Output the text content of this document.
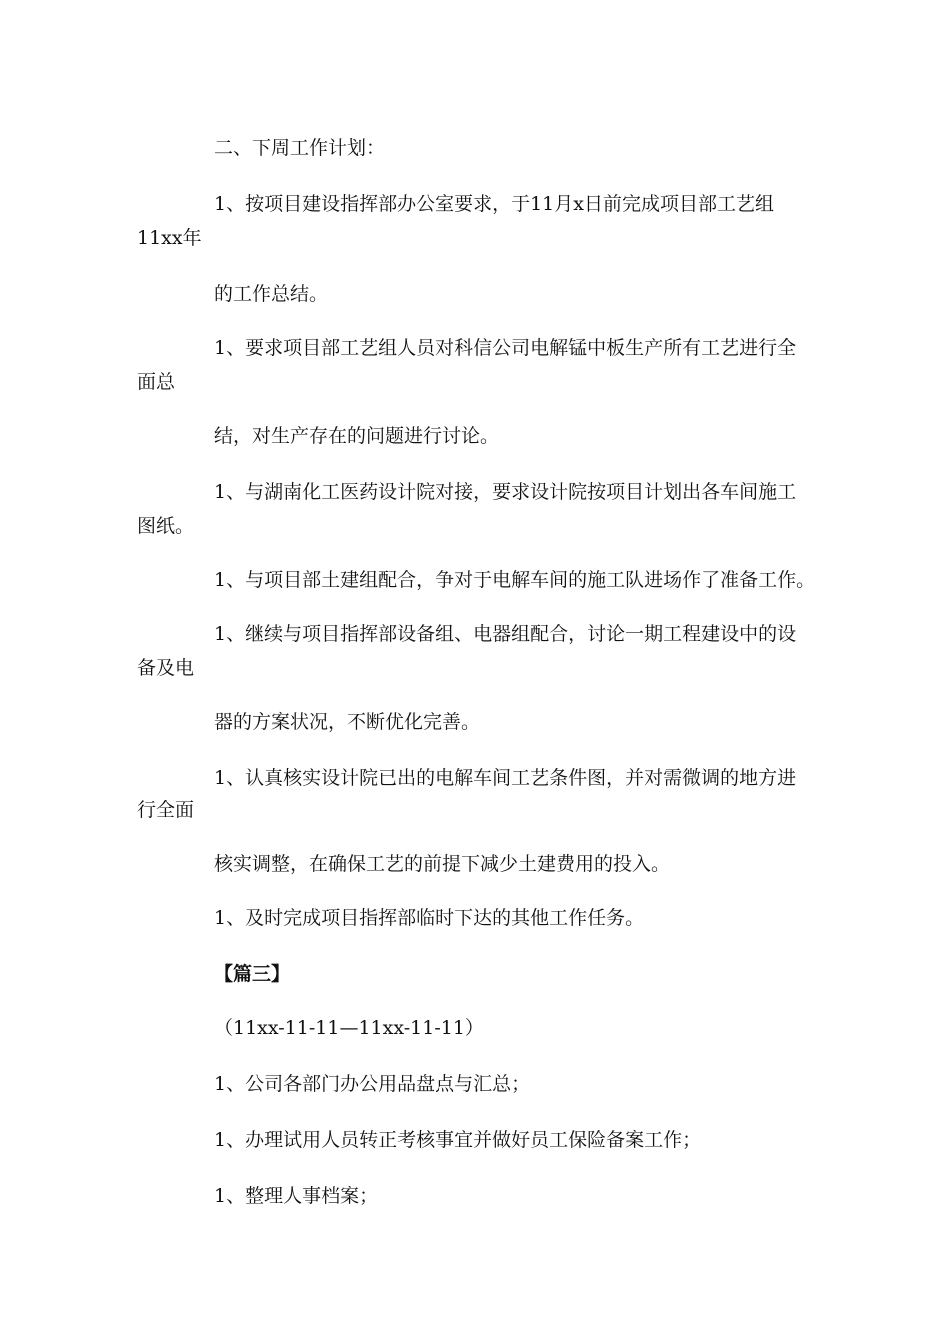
二、下周工作计划：
1、按项目建设指挥部办公室要求，于11月x日前完成项目部工艺组
11xx年
的工作总结。
1、要求项目部工艺组人员对科信公司电解锰中板生产所有工艺进行全
面总
结，对生产存在的问题进行讨论。
1、与湖南化工医药设计院对接，要求设计院按项目计划出各车间施工
图纸。
1、与项目部土建组配合，争对于电解车间的施工队进场作了准备工作。
1、继续与项目指挥部设备组、电器组配合，讨论一期工程建设中的设
备及电
器的方案状况，不断优化完善。
1、认真核实设计院已出的电解车间工艺条件图，并对需微调的地方进
行全面
核实调整，在确保工艺的前提下减少土建费用的投入。
1、及时完成项目指挥部临时下达的其他工作任务。
【篇三】
（11xx-11-11—11xx-11-11）
1、公司各部门办公用品盘点与汇总；
1、办理试用人员转正考核事宜并做好员工保险备案工作；
1、整理人事档案；
